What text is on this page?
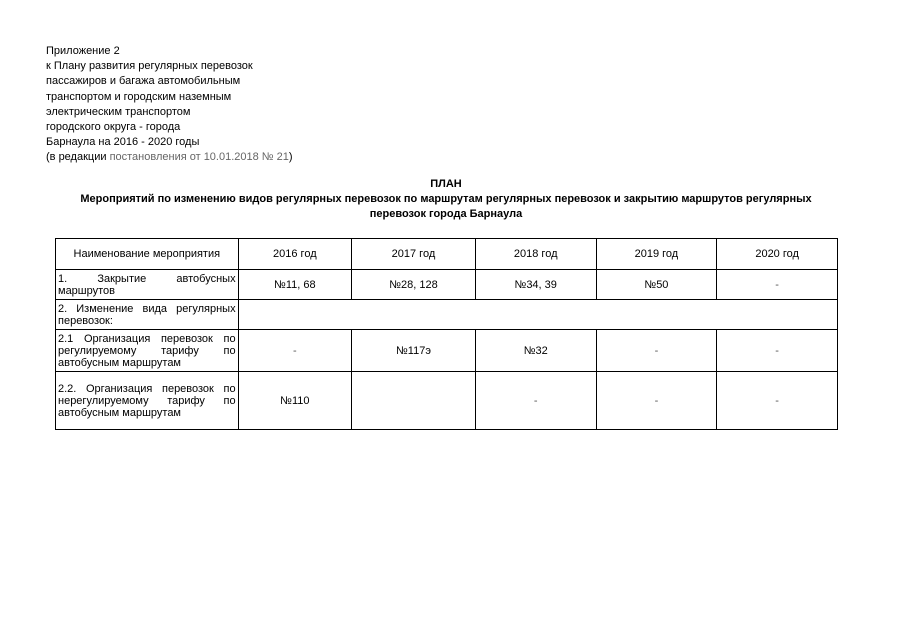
Приложение 2
к Плану развития регулярных перевозок
пассажиров и багажа автомобильным
транспортом и городским наземным
электрическим транспортом
городского округа - города
Барнаула на 2016 - 2020 годы
(в редакции постановления от 10.01.2018 № 21)
ПЛАН
Мероприятий по изменению видов регулярных перевозок по маршрутам регулярных перевозок и закрытию маршрутов регулярных перевозок города Барнаула
Наименование мероприятия	2016 год	2017 год	2018 год	2019 год	2020 год
1. Закрытие автобусных маршрутов	№11, 68	№28, 128	№34, 39	№50	-
2. Изменение вида регулярных перевозок:					
2.1 Организация перевозок по регулируемому тарифу по автобусным маршрутам	-	№117э	№32	-	-
2.2. Организация перевозок по нерегулируемому тарифу по автобусным маршрутам	№110		-	-	-
